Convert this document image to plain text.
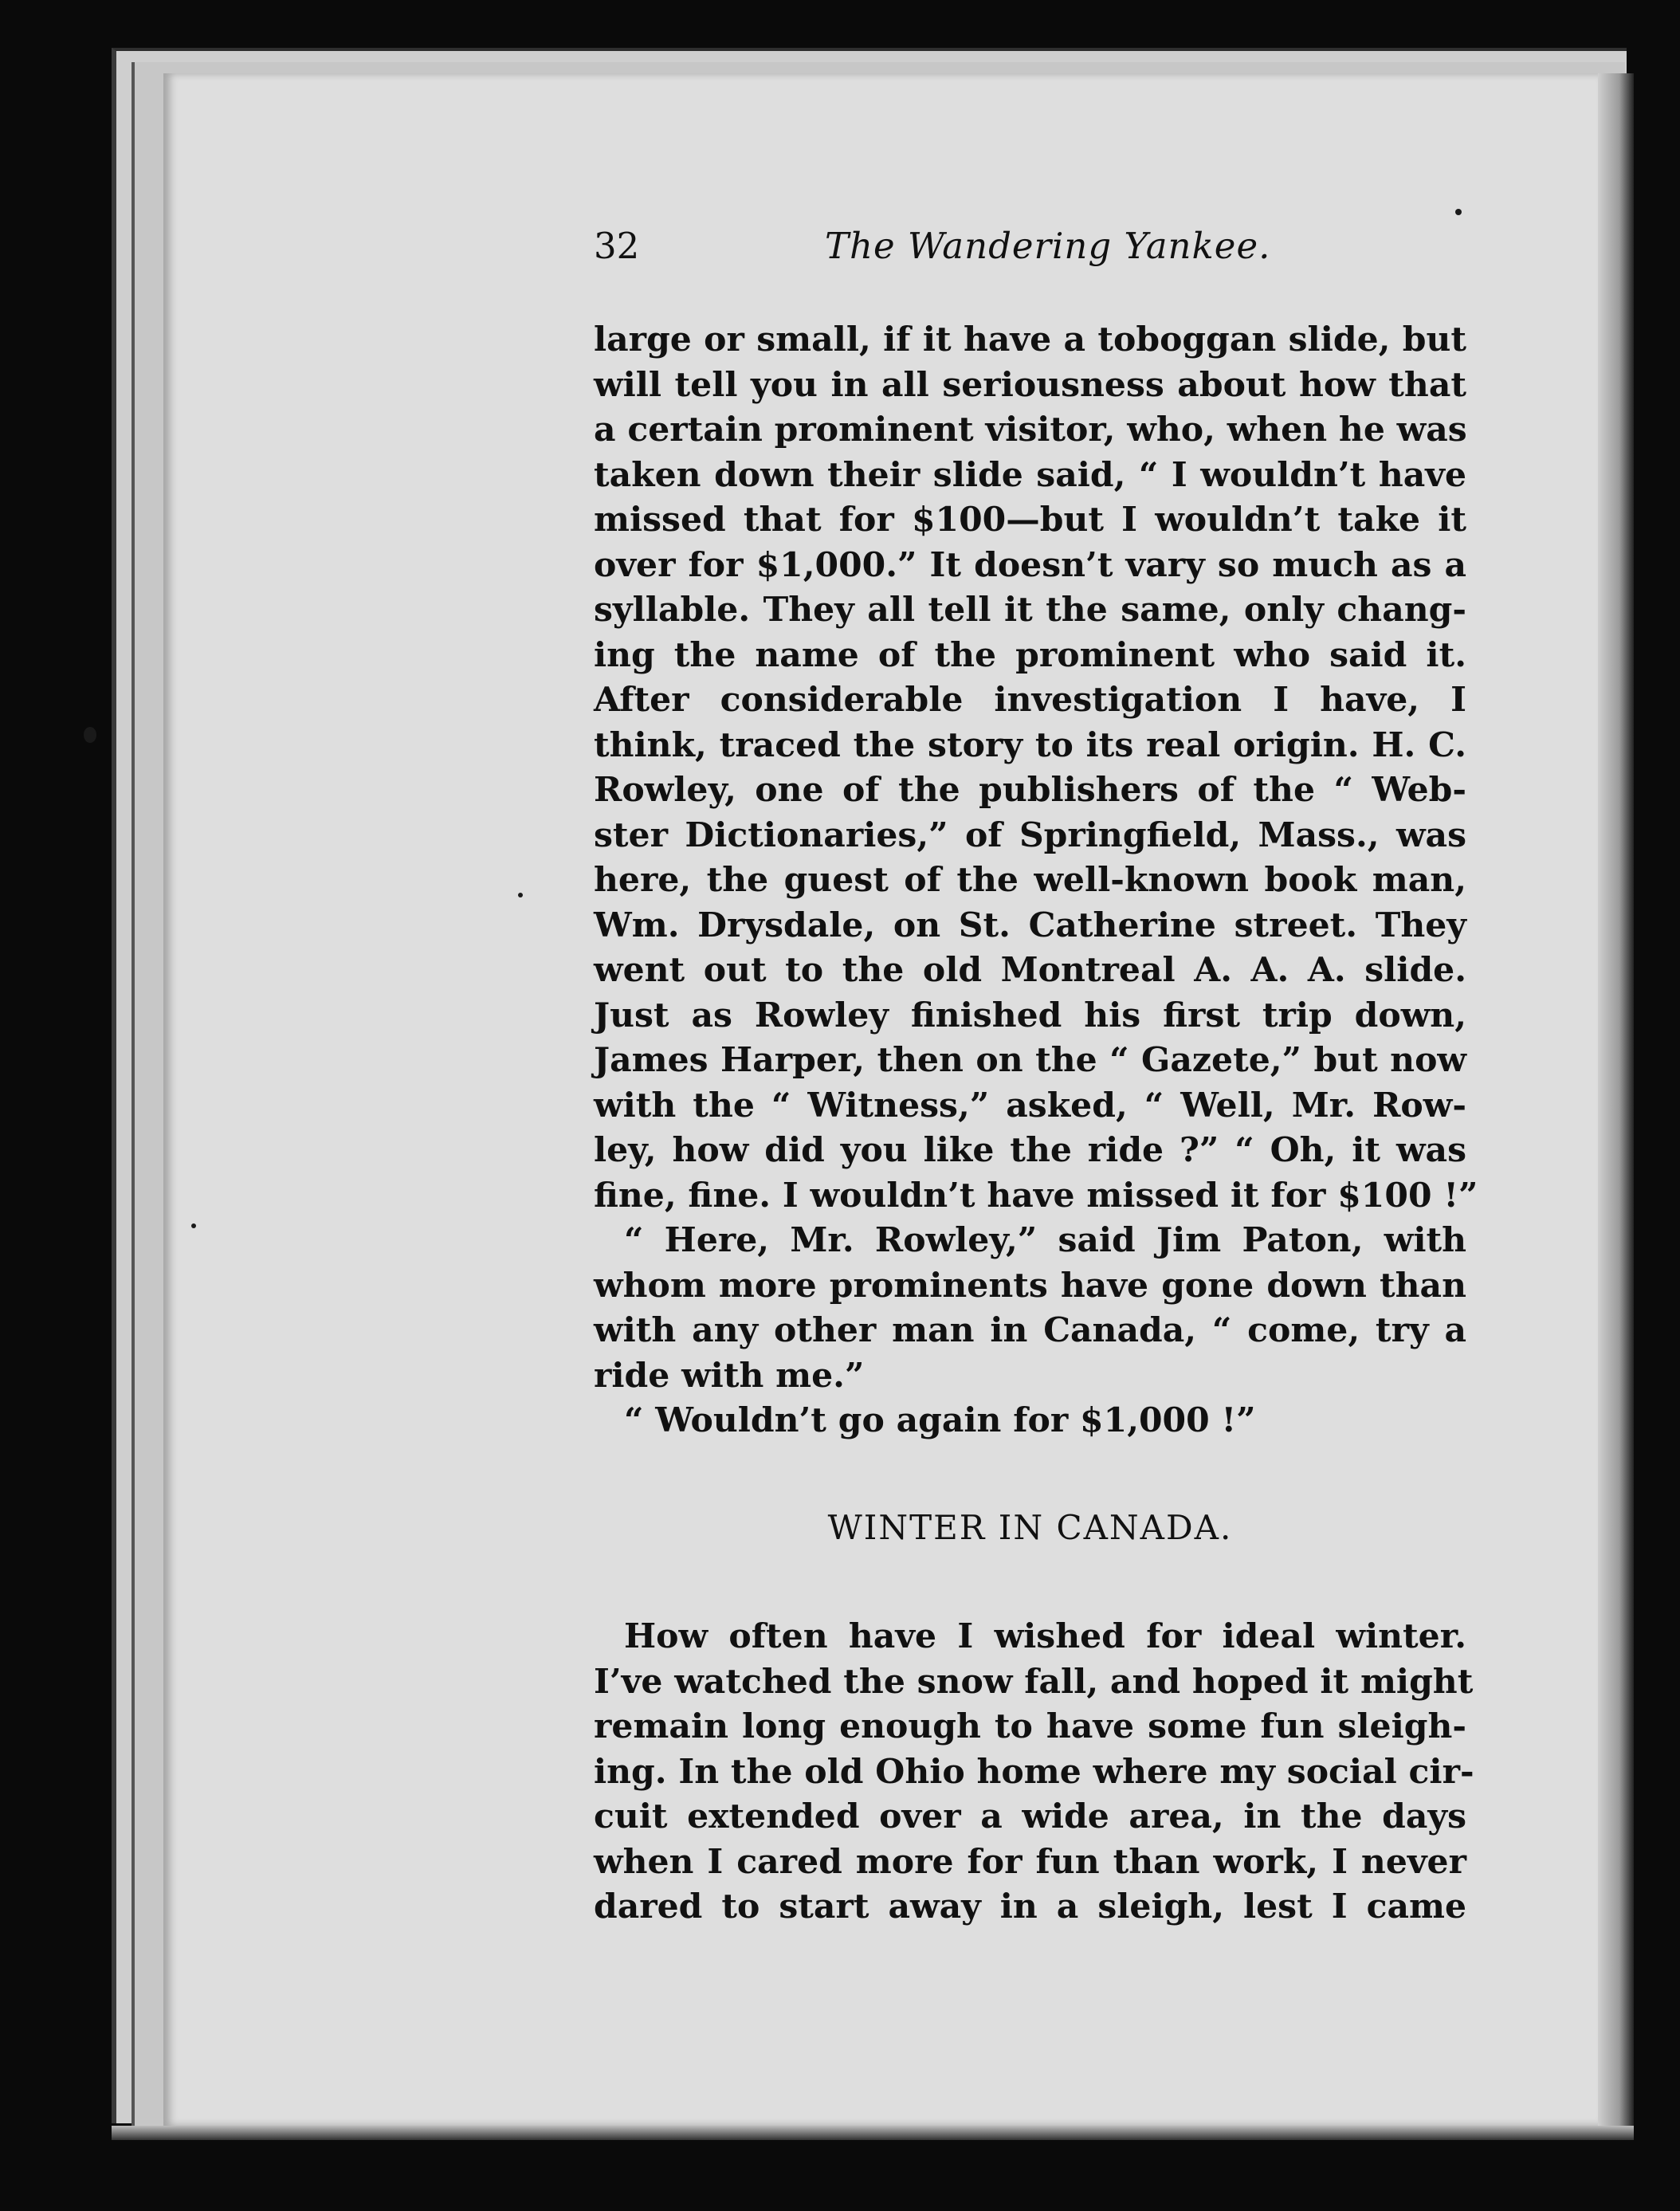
32	The Wandering Yankee.
large or small, if it have a toboggan slide, but
will tell you in all seriousness about how that
a certain prominent visitor, who, when he was
taken down their slide said, “ I wouldn’t have
missed that for $100—but I wouldn’t take it
over for $1,000.” It doesn’t vary so much as a
syllable. They all tell it the same, only chang-
ing the name of the prominent who said it.
After considerable investigation I have, I
think, traced the story to its real origin. H. C.
Rowley, one of the publishers of the “ Web-
ster Dictionaries,” of Springfield, Mass., was
here, the guest of the well-known book man,
Wm. Drysdale, on St. Catherine street. They
went out to the old Montreal A. A. A. slide.
Just as Rowley finished his first trip down,
James Harper, then on the “ Gazete,” but now
with the “ Witness,” asked, “ Well, Mr. Row-
ley, how did you like the ride ?” “ Oh, it was
fine, fine. I wouldn’t have missed it for $100 !”
“ Here, Mr. Rowley,” said Jim Paton, with
whom more prominents have gone down than
with any other man in Canada, “ come, try a
ride with me.”
“ Wouldn’t go again for $1,000 !”
WINTER IN CANADA.
How often have I wished for ideal winter.
I’ve watched the snow fall, and hoped it might
remain long enough to have some fun sleigh-
ing. In the old Ohio home where my social cir-
cuit extended over a wide area, in the days
when I cared more for fun than work, I never
dared to start away in a sleigh, lest I came
